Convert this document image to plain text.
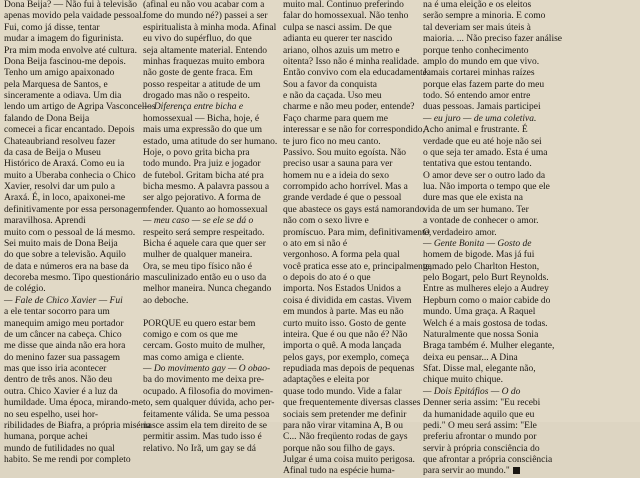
Dona Beija? — Não fui à televisão
apenas movido pela vaidade pessoal.
Fui, como já disse, tentar
mudar a imagem do figurinista.
Pra mim moda envolve até cultura.
Dona Beija fascinou-me depois.
Tenho um amigo apaixonado
pela Marquesa de Santos, e
sinceramente a odiava. Um dia
lendo um artigo de Agripa Vasconcellos
falando de Dona Beija
comecei a ficar encantado. Depois
Chateaubriand resolveu fazer
da casa de Beija o Museu
Histórico de Araxá. Como eu ia
muito a Uberaba conhecia o Chico
Xavier, resolvi dar um pulo a
Araxá. É, in loco, apaixonei-me
definitivamente por essa personagem
maravilhosa. Aprendi
muito com o pessoal de lá mesmo.
Sei muito mais de Dona Beija
do que sobre a televisão. Aquilo
de data e números era na base da
decoreba mesmo. Tipo questionário
de colégio.
— Fale de Chico Xavier — Fui
a ele tentar socorro para um
manequim amigo meu portador
de um câncer na cabeça. Chico
me disse que ainda não era hora
do menino fazer sua passagem
mas que isso iria acontecer
dentro de três anos. Não deu
outra. Chico Xavier é a luz da
humildade. Uma época, mirando-me
no seu espelho, usei hor-
ribilidades de Biafra, a própria miséria
humana, porque achei
mundo de futilidades no qual
habito. Se me rendi por completo
(afinal eu não vou acabar com a
fome do mundo né?) passei a ser
espiritualista à minha moda. Afinal
eu vivo do supérfluo, do que
seja altamente material. Entendo
minhas fraquezas muito embora
não goste de gente fraca. Em
posso respeitar a atitude de um
drogado mas não o respeito.
— Diferença entre bicha e
homossexual — Bicha, hoje, é
mais uma expressão do que um
estado, uma atitude do ser humano.
Hoje, o povo grita bicha pra
todo mundo. Pra juiz e jogador
de futebol. Gritam bicha até pra
bicha mesmo. A palavra passou a
ser algo pejorativo. A forma de
ofender. Quanto ao homossexual
— meu caso — se ele se dá o
respeito será sempre respeitado.
Bicha é aquele cara que quer ser
mulher de qualquer maneira.
Ora, se meu tipo físico não é
masculinizado então eu o uso da
melhor maneira. Nunca chegando
ao deboche.
PORQUE eu quero estar bem
comigo e com os que me
cercam. Gosto muito de mulher,
mas como amiga e cliente.
— Do movimento gay — O obao-
ba do movimento me deixa pre-
ocupado. A filosofia do movimen-
to, sem qualquer dúvida, acho per-
feitamente válida. Se uma pessoa
nasce assim ela tem direito de se
permitir assim. Mas tudo isso é
relativo. No Irã, um gay se dá
muito mal. Continuo preferindo
falar do homossexual. Não tenho
culpa se nasci assim. De que
adianta eu querer ter nascido
ariano, olhos azuis um metro e
oitenta? Isso não é minha realidade.
Então convivo com ela educadamente.
Sou a favor da conquista
e não da caçada. Uso meu
charme e não meu poder, entende?
Faço charme para quem me
interessar e se não for correspondido,
te juro fico no meu canto.
Passivo. Sou muito egoísta. Não
preciso usar a sauna para ver
homem nu e a ideia do sexo
corrompido acho horrível. Mas a
grande verdade é que o pessoal
que abastece os gays está namorando
não com o sexo livre e
promíscuo. Para mim, definitivamente,
o ato em si não é
vergonhoso. A forma pela qual
você pratica esse ato e, principalmente,
o depois do ato é o que
importa. Nos Estados Unidos a
coisa é dividida em castas. Vivem
em mundos à parte. Mas eu não
curto muito isso. Gosto de gente
inteira. Que é ou que não é? Não
importa o quê. A moda lançada
pelos gays, por exemplo, começa
repudiada mas depois de pequenas
adaptações e eleita por
quase todo mundo. Vide a falar
que frequentemente diversas classes
sociais sem pretender me definir
para não virar vitamina A, B ou
C... Não freqüento rodas de gays
porque não sou filho de gays.
Julgar é uma coisa muito perigosa.
Afinal tudo na espécie huma-
na é uma eleição e os eleitos
serão sempre a minoria. E como
tal deveriam ser mais úteis à
maioria. ... Não preciso fazer análise
porque tenho conhecimento
amplo do mundo em que vivo.
Jamais cortarei minhas raízes
porque elas fazem parte do meu
todo. Só entendo amor entre
duas pessoas. Jamais participei
— eu juro — de uma coletiva.
Acho animal e frustrante. É
verdade que eu até hoje não sei
o que seja ter amado. Esta é uma
tentativa que estou tentando.
O amor deve ser o outro lado da
lua. Não importa o tempo que ele
dure mas que ele exista na
vida de um ser humano. Ter
a vontade de conhecer o amor.
O verdadeiro amor.
— Gente Bonita — Gosto de
homem de bigode. Mas já fui
gamado pelo Charlton Heston,
pelo Bogart, pelo Burt Reynolds.
Entre as mulheres elejo a Audrey
Hepburn como o maior cabide do
mundo. Uma graça. A Raquel
Welch é a mais gostosa de todas.
Naturalmente que nossa Sonia
Braga também é. Mulher elegante,
deixa eu pensar... A Dina
Sfat. Disse mal, elegante não,
chique muito chique.
— Dois Epitáfios — O do
Denner seria assim: "Eu recebi
da humanidade aquilo que eu
pedi." O meu será assim: "Ele
preferiu afrontar o mundo por
servir à própria consciência do
que afrontar a própria consciência
para servir ao mundo."
